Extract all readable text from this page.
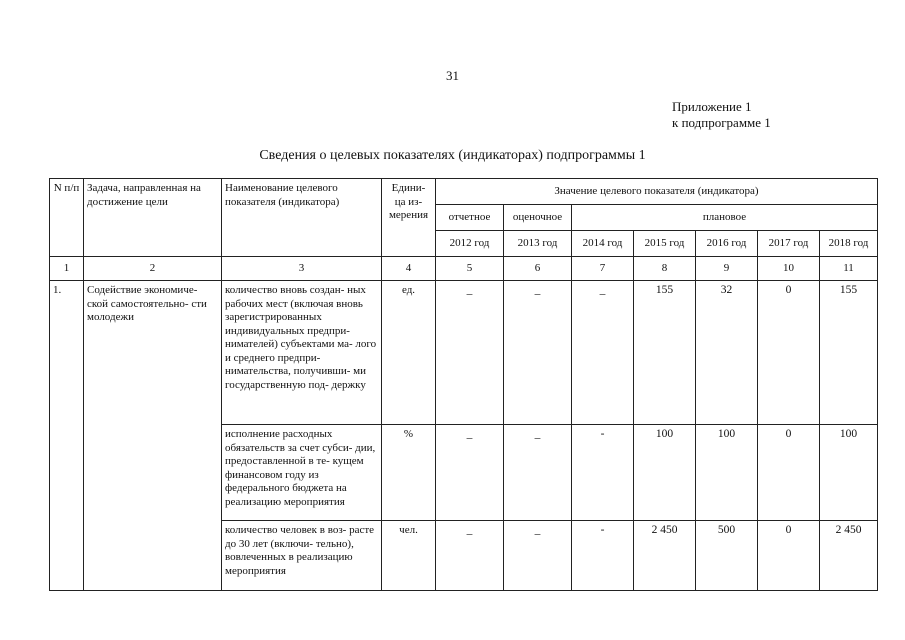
31
Приложение 1
к подпрограмме 1
Сведения о целевых показателях (индикаторах) подпрограммы 1
N п/п	Задача, направленная на достижение цели	Наименование целевого показателя (индикатора)	Едини- ца из- мерения	Значение целевого показателя (индикатора)						
				отчетное	оценочное	плановое				
				2012 год	2013 год	2014 год	2015 год	2016 год	2017 год	2018 год
1	2	3	4	5	6	7	8	9	10	11
1.	Содействие экономиче- ской самостоятельно- сти молодежи	количество вновь создан- ных рабочих мест (включая вновь зарегистрированных индивидуальных предпри- нимателей) субъектами ма- лого и среднего предпри- нимательства, получивши- ми государственную под- держку	ед.	_	_	_	155	32	0	155
		исполнение расходных обязательств за счет субси- дии, предоставленной в те- кущем финансовом году из федерального бюджета на реализацию мероприятия	%	_	_	-	100	100	0	100
		количество человек в воз- расте до 30 лет (включи- тельно), вовлеченных в реализацию мероприятия	чел.	_	_	-	2 450	500	0	2 450
